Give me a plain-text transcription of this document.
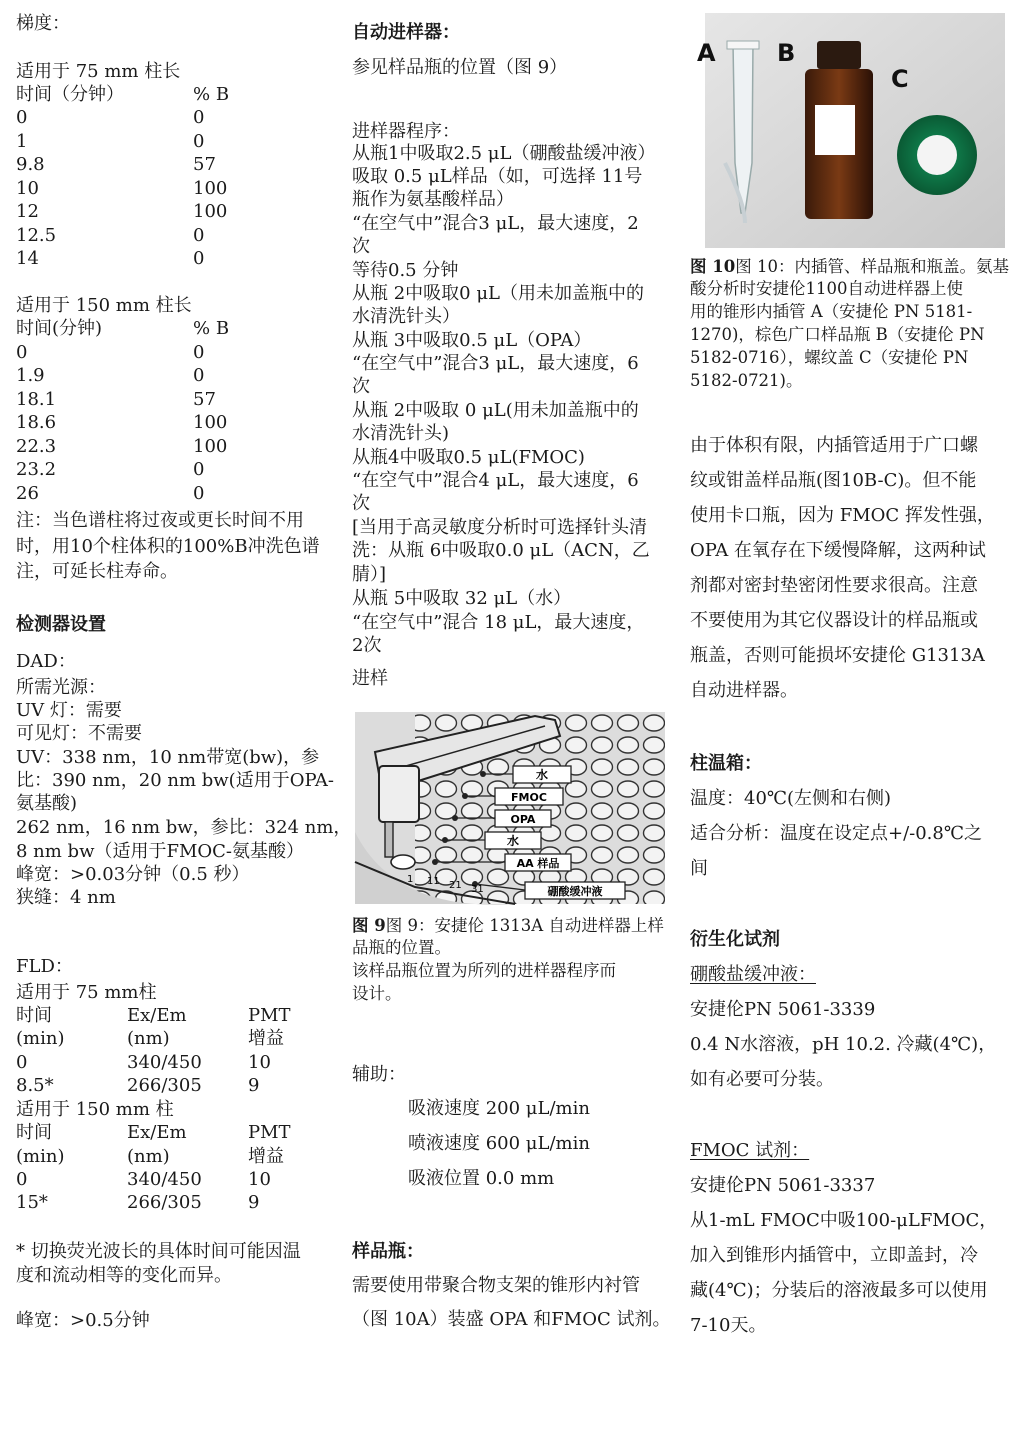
梯度：
适用于 75 mm 柱长
时间（分钟）	% B
0	0
1	0
9.8	57
10	100
12	100
12.5	0
14	0
适用于 150 mm 柱长
时间(分钟)	% B
0	0
1.9	0
18.1	57
18.6	100
22.3	100
23.2	0
26	0
注：当色谱柱将过夜或更长时间不用
时，用10个柱体积的100%B冲洗色谱
注，可延长柱寿命。
检测器设置
DAD：
所需光源：
UV 灯：需要
可见灯：不需要
UV：338 nm，10 nm带宽(bw)，参
比：390 nm，20 nm bw(适用于OPA-
氨基酸)
262 nm，16 nm bw，参比：324 nm，
8 nm bw（适用于FMOC-氨基酸）
峰宽：>0.03分钟（0.5 秒）
狭缝：4 nm
FLD：
适用于 75 mm柱
时间	Ex/Em	PMT
(min)	(nm)	增益
0	340/450	10
8.5*	266/305	9
适用于 150 mm 柱
时间	Ex/Em	PMT
(min)	(nm)	增益
0	340/450	10
15*	266/305	9
* 切换荧光波长的具体时间可能因温
度和流动相等的变化而异。
峰宽：>0.5分钟
自动进样器：
参见样品瓶的位置（图 9）
进样器程序：
从瓶1中吸取2.5 μL（硼酸盐缓冲液）
吸取 0.5 μL样品（如，可选择 11号
瓶作为氨基酸样品）
“在空气中”混合3 μL，最大速度，2
次
等待0.5 分钟
从瓶 2中吸取0 μL（用未加盖瓶中的
水清洗针头）
从瓶 3中吸取0.5 μL（OPA）
“在空气中”混合3 μL，最大速度，6
次
从瓶 2中吸取 0 μL(用未加盖瓶中的
水清洗针头)
从瓶4中吸取0.5 μL(FMOC)
“在空气中”混合4 μL，最大速度，6
次
[当用于高灵敏度分析时可选择针头清
洗：从瓶 6中吸取0.0 μL（ACN，乙
腈）]
从瓶 5中吸取 32 μL（水）
“在空气中”混合 18 μL，最大速度，
2次
进样
水
FMOC
OPA
水
AA 样品
硼酸缓冲液
1 11 21 31
图 9图 9：安捷伦 1313A 自动进样器上样
品瓶的位置。
该样品瓶位置为所列的进样器程序而
设计。
辅助：
吸液速度 200 μL/min
喷液速度 600 μL/min
吸液位置 0.0 mm
样品瓶：
需要使用带聚合物支架的锥形内衬管
（图 10A）装盛 OPA 和FMOC 试剂。
A	B
C
图 10图 10：内插管、样品瓶和瓶盖。氨基
酸分析时安捷伦1100自动进样器上使
用的锥形内插管 A（安捷伦 PN 5181-
1270)，棕色广口样品瓶 B（安捷伦 PN
5182-0716），螺纹盖 C（安捷伦 PN
5182-0721)。
由于体积有限，内插管适用于广口螺
纹或钳盖样品瓶(图10B-C)。但不能
使用卡口瓶，因为 FMOC 挥发性强，
OPA 在氧存在下缓慢降解，这两种试
剂都对密封垫密闭性要求很高。注意
不要使用为其它仪器设计的样品瓶或
瓶盖，否则可能损坏安捷伦 G1313A
自动进样器。
柱温箱：
温度：40℃(左侧和右侧)
适合分析：温度在设定点+/-0.8℃之
间
衍生化试剂
硼酸盐缓冲液：
安捷伦PN 5061-3339
0.4 N水溶液，pH 10.2. 冷藏(4℃)，
如有必要可分装。
FMOC 试剂：
安捷伦PN 5061-3337
从1-mL FMOC中吸100-μLFMOC，
加入到锥形内插管中，立即盖封，冷
藏(4℃)；分装后的溶液最多可以使用
7-10天。
